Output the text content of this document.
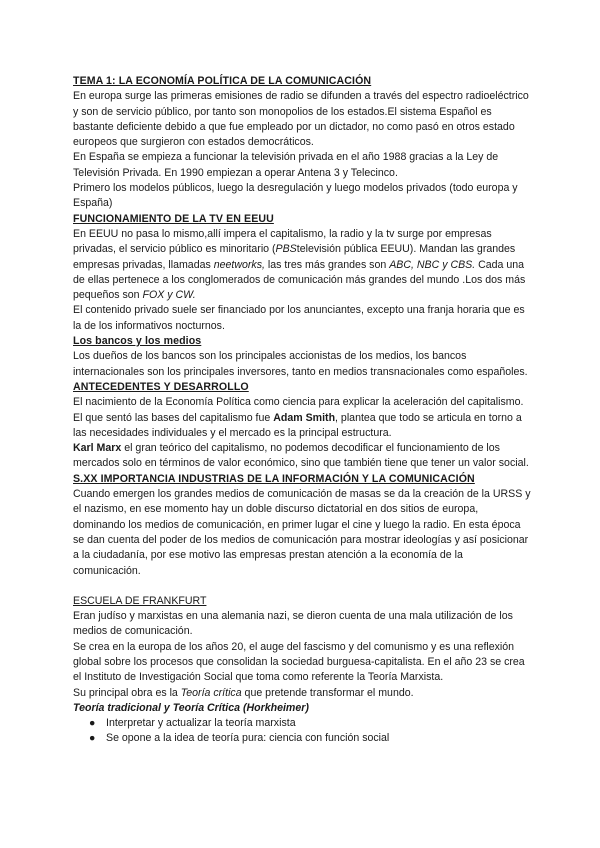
TEMA 1: LA ECONOMÍA POLÍTICA DE LA COMUNICACIÓN

En europa surge las primeras emisiones de radio se difunden a través del espectro radioeléctrico y son de servicio público, por tanto son monopolios de los estados.El sistema Español es bastante deficiente debido a que fue empleado por un dictador, no como pasó en otros estado europeos que surgieron con estados democráticos.

En España se empieza a funcionar la televisión privada en el año 1988 gracias a la Ley de Televisión Privada. En 1990 empiezan a operar Antena 3 y Telecinco.

Primero los modelos públicos, luego la desregulación y luego modelos privados (todo europa y España)

FUNCIONAMIENTO DE LA TV EN EEUU

En EEUU no pasa lo mismo,allí impera el capitalismo, la radio y la tv surge por empresas privadas, el servicio público es minoritario (PBStelevisión pública EEUU). Mandan las grandes empresas privadas, llamadas neetworks, las tres más grandes son ABC, NBC y CBS. Cada una de ellas pertenece a los conglomerados de comunicación más grandes del mundo .Los dos más pequeños son FOX y CW.

El contenido privado suele ser financiado por los anunciantes, excepto una franja horaria que es la de los informativos nocturnos.

Los bancos y los medios

Los dueños de los bancos son los principales accionistas de los medios, los bancos internacionales son los principales inversores, tanto en medios transnacionales como españoles.

ANTECEDENTES Y DESARROLLO

El nacimiento de la Economía Política como ciencia para explicar la aceleración del capitalismo. El que sentó las bases del capitalismo fue Adam Smith, plantea que todo se articula en torno a las necesidades individuales y el mercado es la principal estructura.

Karl Marx el gran teórico del capitalismo, no podemos decodificar el funcionamiento de los mercados solo en términos de valor económico, sino que también tiene que tener un valor social.

S.XX IMPORTANCIA INDUSTRIAS DE LA INFORMACIÓN Y LA COMUNICACIÓN

Cuando emergen los grandes medios de comunicación de masas se da la creación de la URSS y el nazismo, en ese momento hay un doble discurso dictatorial en dos sitios de europa, dominando los medios de comunicación, en primer lugar el cine y luego la radio. En esta época se dan cuenta del poder de los medios de comunicación para mostrar ideologías y así posicionar a la ciudadanía, por ese motivo las empresas prestan atención a la economía de la comunicación.

ESCUELA DE FRANKFURT

Eran judíso y marxistas en una alemania nazi, se dieron cuenta de una mala utilización de los medios de comunicación.

Se crea en la europa de los años 20, el auge del fascismo y del comunismo y es una reflexión global sobre los procesos que consolidan la sociedad burguesa-capitalista. En el año 23 se crea el Instituto de Investigación Social que toma como referente la Teoría Marxista.

Su principal obra es la Teoría crítica que pretende transformar el mundo.

Teoría tradicional y Teoría Crítica (Horkheimer)

● Interpretar y actualizar la teoría marxista
● Se opone a la idea de teoría pura: ciencia con función social
